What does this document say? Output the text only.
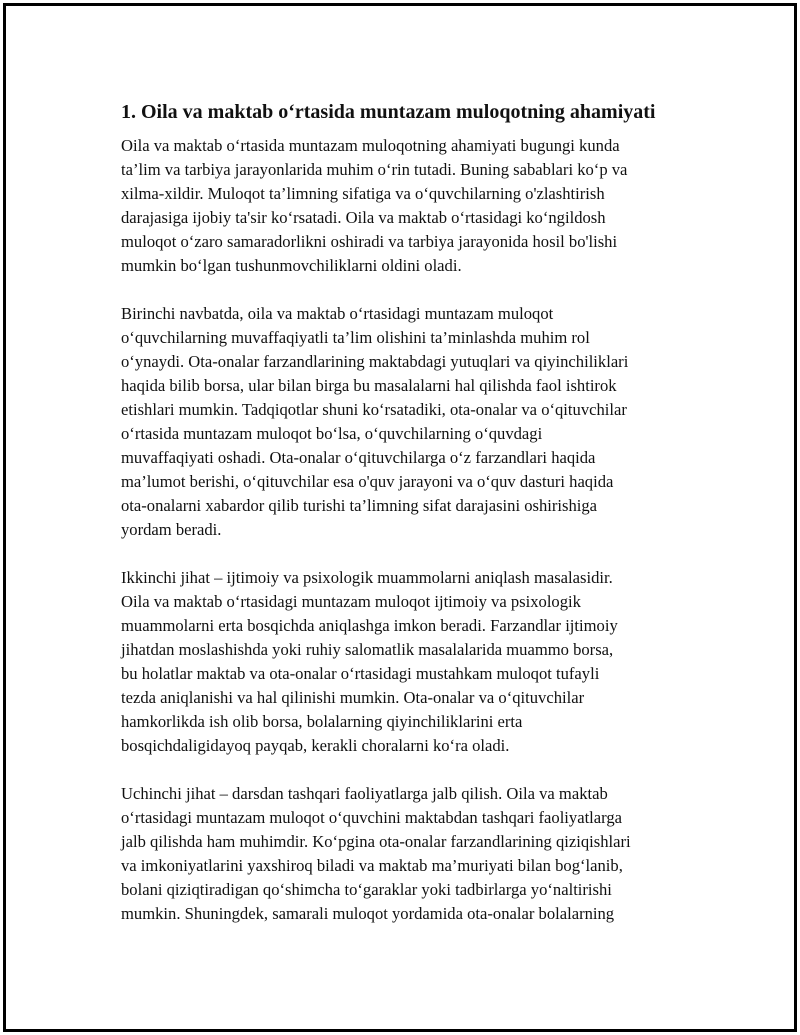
1. Oila va maktab o‘rtasida muntazam muloqotning ahamiyati

Oila va maktab o‘rtasida muntazam muloqotning ahamiyati bugungi kunda
ta’lim va tarbiya jarayonlarida muhim o‘rin tutadi. Buning sabablari ko‘p va
xilma-xildir. Muloqot ta’limning sifatiga va o‘quvchilarning o'zlashtirish
darajasiga ijobiy ta'sir ko‘rsatadi. Oila va maktab o‘rtasidagi ko‘ngildosh
muloqot o‘zaro samaradorlikni oshiradi va tarbiya jarayonida hosil bo'lishi
mumkin bo‘lgan tushunmovchiliklarni oldini oladi.

Birinchi navbatda, oila va maktab o‘rtasidagi muntazam muloqot
o‘quvchilarning muvaffaqiyatli ta’lim olishini ta’minlashda muhim rol
o‘ynaydi. Ota-onalar farzandlarining maktabdagi yutuqlari va qiyinchiliklari
haqida bilib borsa, ular bilan birga bu masalalarni hal qilishda faol ishtirok
etishlari mumkin. Tadqiqotlar shuni ko‘rsatadiki, ota-onalar va o‘qituvchilar
o‘rtasida muntazam muloqot bo‘lsa, o‘quvchilarning o‘quvdagi
muvaffaqiyati oshadi. Ota-onalar o‘qituvchilarga o‘z farzandlari haqida
ma’lumot berishi, o‘qituvchilar esa o'quv jarayoni va o‘quv dasturi haqida
ota-onalarni xabardor qilib turishi ta’limning sifat darajasini oshirishiga
yordam beradi.

Ikkinchi jihat – ijtimoiy va psixologik muammolarni aniqlash masalasidir.
Oila va maktab o‘rtasidagi muntazam muloqot ijtimoiy va psixologik
muammolarni erta bosqichda aniqlashga imkon beradi. Farzandlar ijtimoiy
jihatdan moslashishda yoki ruhiy salomatlik masalalarida muammo borsa,
bu holatlar maktab va ota-onalar o‘rtasidagi mustahkam muloqot tufayli
tezda aniqlanishi va hal qilinishi mumkin. Ota-onalar va o‘qituvchilar
hamkorlikda ish olib borsa, bolalarning qiyinchiliklarini erta
bosqichdaligidayoq payqab, kerakli choralarni ko‘ra oladi.

Uchinchi jihat – darsdan tashqari faoliyatlarga jalb qilish. Oila va maktab
o‘rtasidagi muntazam muloqot o‘quvchini maktabdan tashqari faoliyatlarga
jalb qilishda ham muhimdir. Ko‘pgina ota-onalar farzandlarining qiziqishlari
va imkoniyatlarini yaxshiroq biladi va maktab ma’muriyati bilan bog‘lanib,
bolani qiziqtiradigan qo‘shimcha to‘garaklar yoki tadbirlarga yo‘naltirishi
mumkin. Shuningdek, samarali muloqot yordamida ota-onalar bolalarning
